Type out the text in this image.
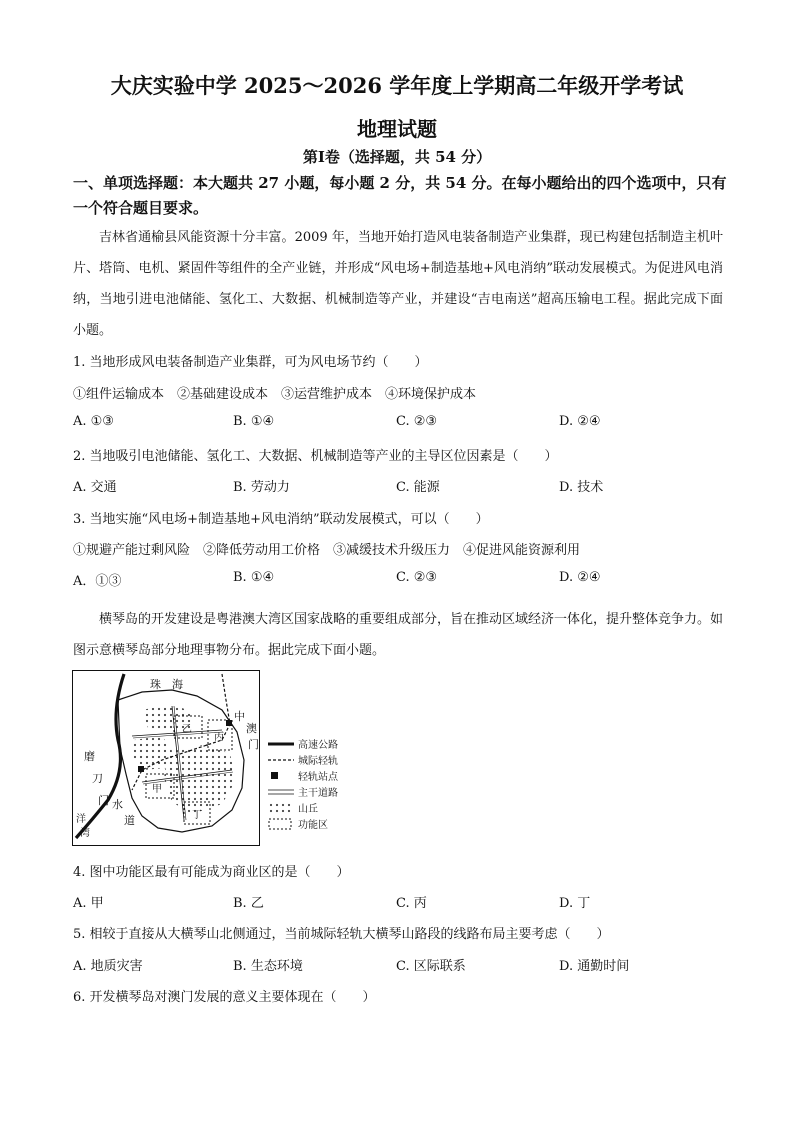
大庆实验中学 2025～2026 学年度上学期高二年级开学考试
地理试题
第Ⅰ卷（选择题，共 54 分）
一、单项选择题：本大题共 27 小题，每小题 2 分，共 54 分。在每小题给出的四个选项中，只有一个符合题目要求。
吉林省通榆县风能资源十分丰富。2009 年，当地开始打造风电装备制造产业集群，现已构建包括制造主机叶片、塔筒、电机、紧固件等组件的全产业链，并形成“风电场+制造基地+风电消纳”联动发展模式。为促进风电消纳，当地引进电池储能、氢化工、大数据、机械制造等产业，并建设“吉电南送”超高压输电工程。据此完成下面小题。
1. 当地形成风电装备制造产业集群，可为风电场节约（　　）
①组件运输成本　②基础建设成本　③运营维护成本　④环境保护成本
A. ①③	B. ①④	C. ②③	D. ②④
2. 当地吸引电池储能、氢化工、大数据、机械制造等产业的主导区位因素是（　　）
A. 交通	B. 劳动力	C. 能源	D. 技术
3. 当地实施“风电场+制造基地+风电消纳”联动发展模式，可以（　　）
①规避产能过剩风险　②降低劳动用工价格　③减缓技术升级压力　④促进风能资源利用
A．①③	B. ①④	C. ②③	D. ②④
横琴岛的开发建设是粤港澳大湾区国家战略的重要组成部分，旨在推动区域经济一体化，提升整体竞争力。如图示意横琴岛部分地理事物分布。据此完成下面小题。
珠 海
中
澳
门
磨
刀
门
洋
湾
水
道
甲
乙
丙
丁
高速公路
城际轻轨
轻轨站点
主干道路
山丘
功能区
4. 图中功能区最有可能成为商业区的是（　　）
A. 甲	B. 乙	C. 丙	D. 丁
5. 相较于直接从大横琴山北侧通过，当前城际轻轨大横琴山路段的线路布局主要考虑（　　）
A. 地质灾害	B. 生态环境	C. 区际联系	D. 通勤时间
6. 开发横琴岛对澳门发展的意义主要体现在（　　）
